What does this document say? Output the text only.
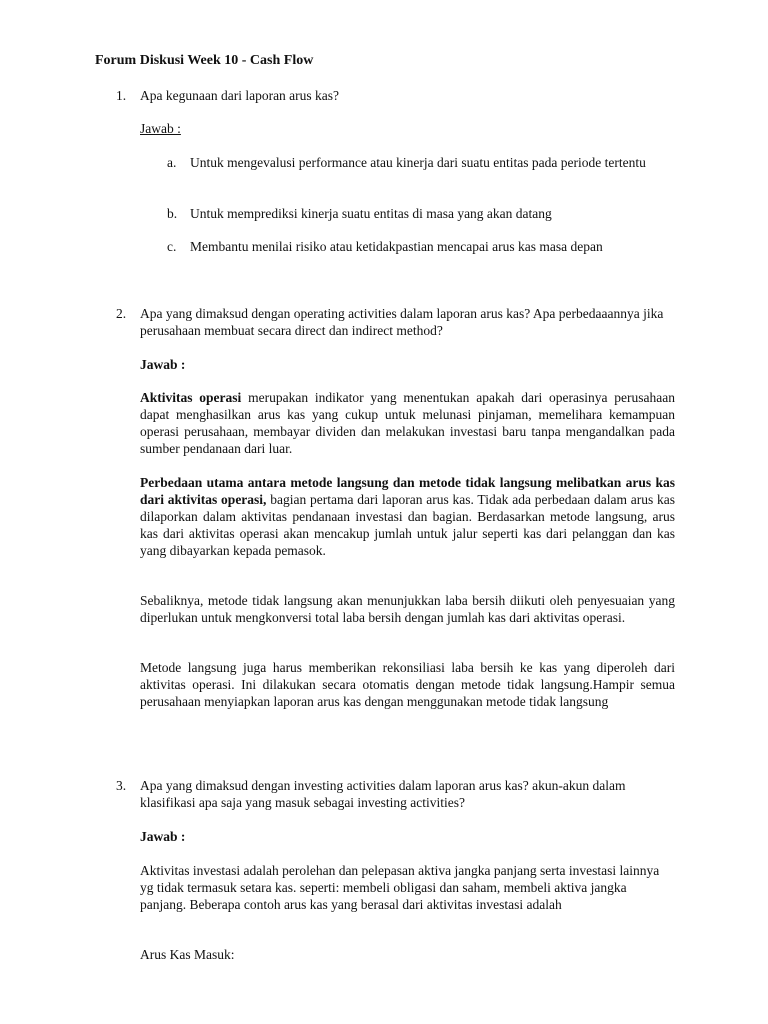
Forum Diskusi Week 10 - Cash Flow
1. Apa kegunaan dari laporan arus kas?
Jawab :
a. Untuk mengevalusi performance atau kinerja dari suatu entitas pada periode tertentu
b. Untuk memprediksi kinerja suatu entitas di masa yang akan datang
c. Membantu menilai risiko atau ketidakpastian mencapai arus kas masa depan
2. Apa yang dimaksud dengan operating activities dalam laporan arus kas? Apa perbedaaannya jika perusahaan membuat secara direct dan indirect method?
Jawab :
Aktivitas operasi merupakan indikator yang menentukan apakah dari operasinya perusahaan dapat menghasilkan arus kas yang cukup untuk melunasi pinjaman, memelihara kemampuan operasi perusahaan, membayar dividen dan melakukan investasi baru tanpa mengandalkan pada sumber pendanaan dari luar.
Perbedaan utama antara metode langsung dan metode tidak langsung melibatkan arus kas dari aktivitas operasi, bagian pertama dari laporan arus kas. Tidak ada perbedaan dalam arus kas dilaporkan dalam aktivitas pendanaan investasi dan bagian. Berdasarkan metode langsung, arus kas dari aktivitas operasi akan mencakup jumlah untuk jalur seperti kas dari pelanggan dan kas yang dibayarkan kepada pemasok.
Sebaliknya, metode tidak langsung akan menunjukkan laba bersih diikuti oleh penyesuaian yang diperlukan untuk mengkonversi total laba bersih dengan jumlah kas dari aktivitas operasi.
Metode langsung juga harus memberikan rekonsiliasi laba bersih ke kas yang diperoleh dari aktivitas operasi. Ini dilakukan secara otomatis dengan metode tidak langsung.Hampir semua perusahaan menyiapkan laporan arus kas dengan menggunakan metode tidak langsung
3. Apa yang dimaksud dengan investing activities dalam laporan arus kas? akun-akun dalam klasifikasi apa saja yang masuk sebagai investing activities?
Jawab :
Aktivitas investasi adalah perolehan dan pelepasan aktiva jangka panjang serta investasi lainnya yg tidak termasuk setara kas. seperti: membeli obligasi dan saham, membeli aktiva jangka panjang. Beberapa contoh arus kas yang berasal dari aktivitas investasi adalah
Arus Kas Masuk:
